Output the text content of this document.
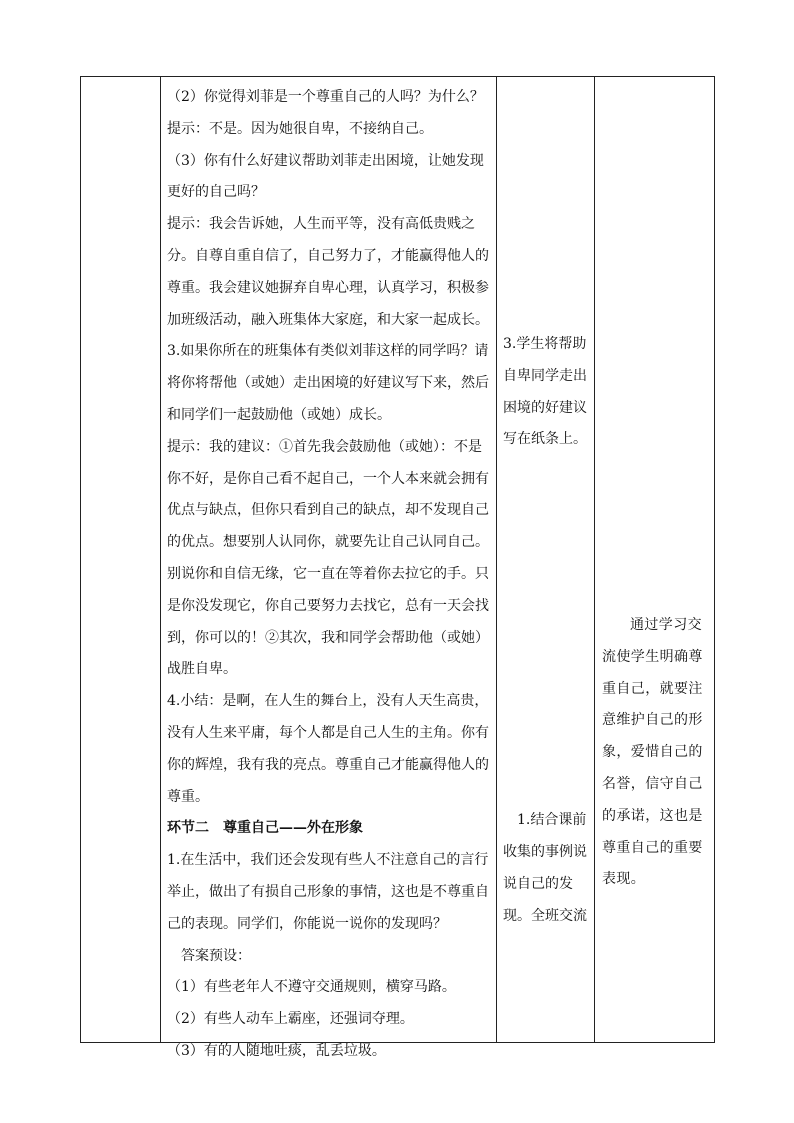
（2）你觉得刘菲是一个尊重自己的人吗？为什么？

提示：不是。因为她很自卑，不接纳自己。

（3）你有什么好建议帮助刘菲走出困境，让她发现更好的自己吗？

提示：我会告诉她，人生而平等，没有高低贵贱之分。自尊自重自信了，自己努力了，才能赢得他人的尊重。我会建议她摒弃自卑心理，认真学习，积极参加班级活动，融入班集体大家庭，和大家一起成长。

3.如果你所在的班集体有类似刘菲这样的同学吗？请将你将帮他（或她）走出困境的好建议写下来，然后和同学们一起鼓励他（或她）成长。

提示：我的建议：①首先我会鼓励他（或她）：不是你不好，是你自己看不起自己，一个人本来就会拥有优点与缺点，但你只看到自己的缺点，却不发现自己的优点。想要别人认同你，就要先让自己认同自己。别说你和自信无缘，它一直在等着你去拉它的手。只是你没发现它，你自己要努力去找它，总有一天会找到，你可以的！②其次，我和同学会帮助他（或她）战胜自卑。

4.小结：是啊，在人生的舞台上，没有人天生高贵，没有人生来平庸，每个人都是自己人生的主角。你有你的辉煌，我有我的亮点。尊重自己才能赢得他人的尊重。

环节二　尊重自己——外在形象

1.在生活中，我们还会发现有些人不注意自己的言行举止，做出了有损自己形象的事情，这也是不尊重自己的表现。同学们，你能说一说你的发现吗？

答案预设：

（1）有些老年人不遵守交通规则，横穿马路。

（2）有些人动车上霸座，还强词夺理。

（3）有的人随地吐痰，乱丢垃圾。

3.学生将帮助自卑同学走出困境的好建议写在纸条上。

1.结合课前收集的事例说说自己的发现。全班交流

通过学习交流使学生明确尊重自己，就要注意维护自己的形象，爱惜自己的名誉，信守自己的承诺，这也是尊重自己的重要表现。
